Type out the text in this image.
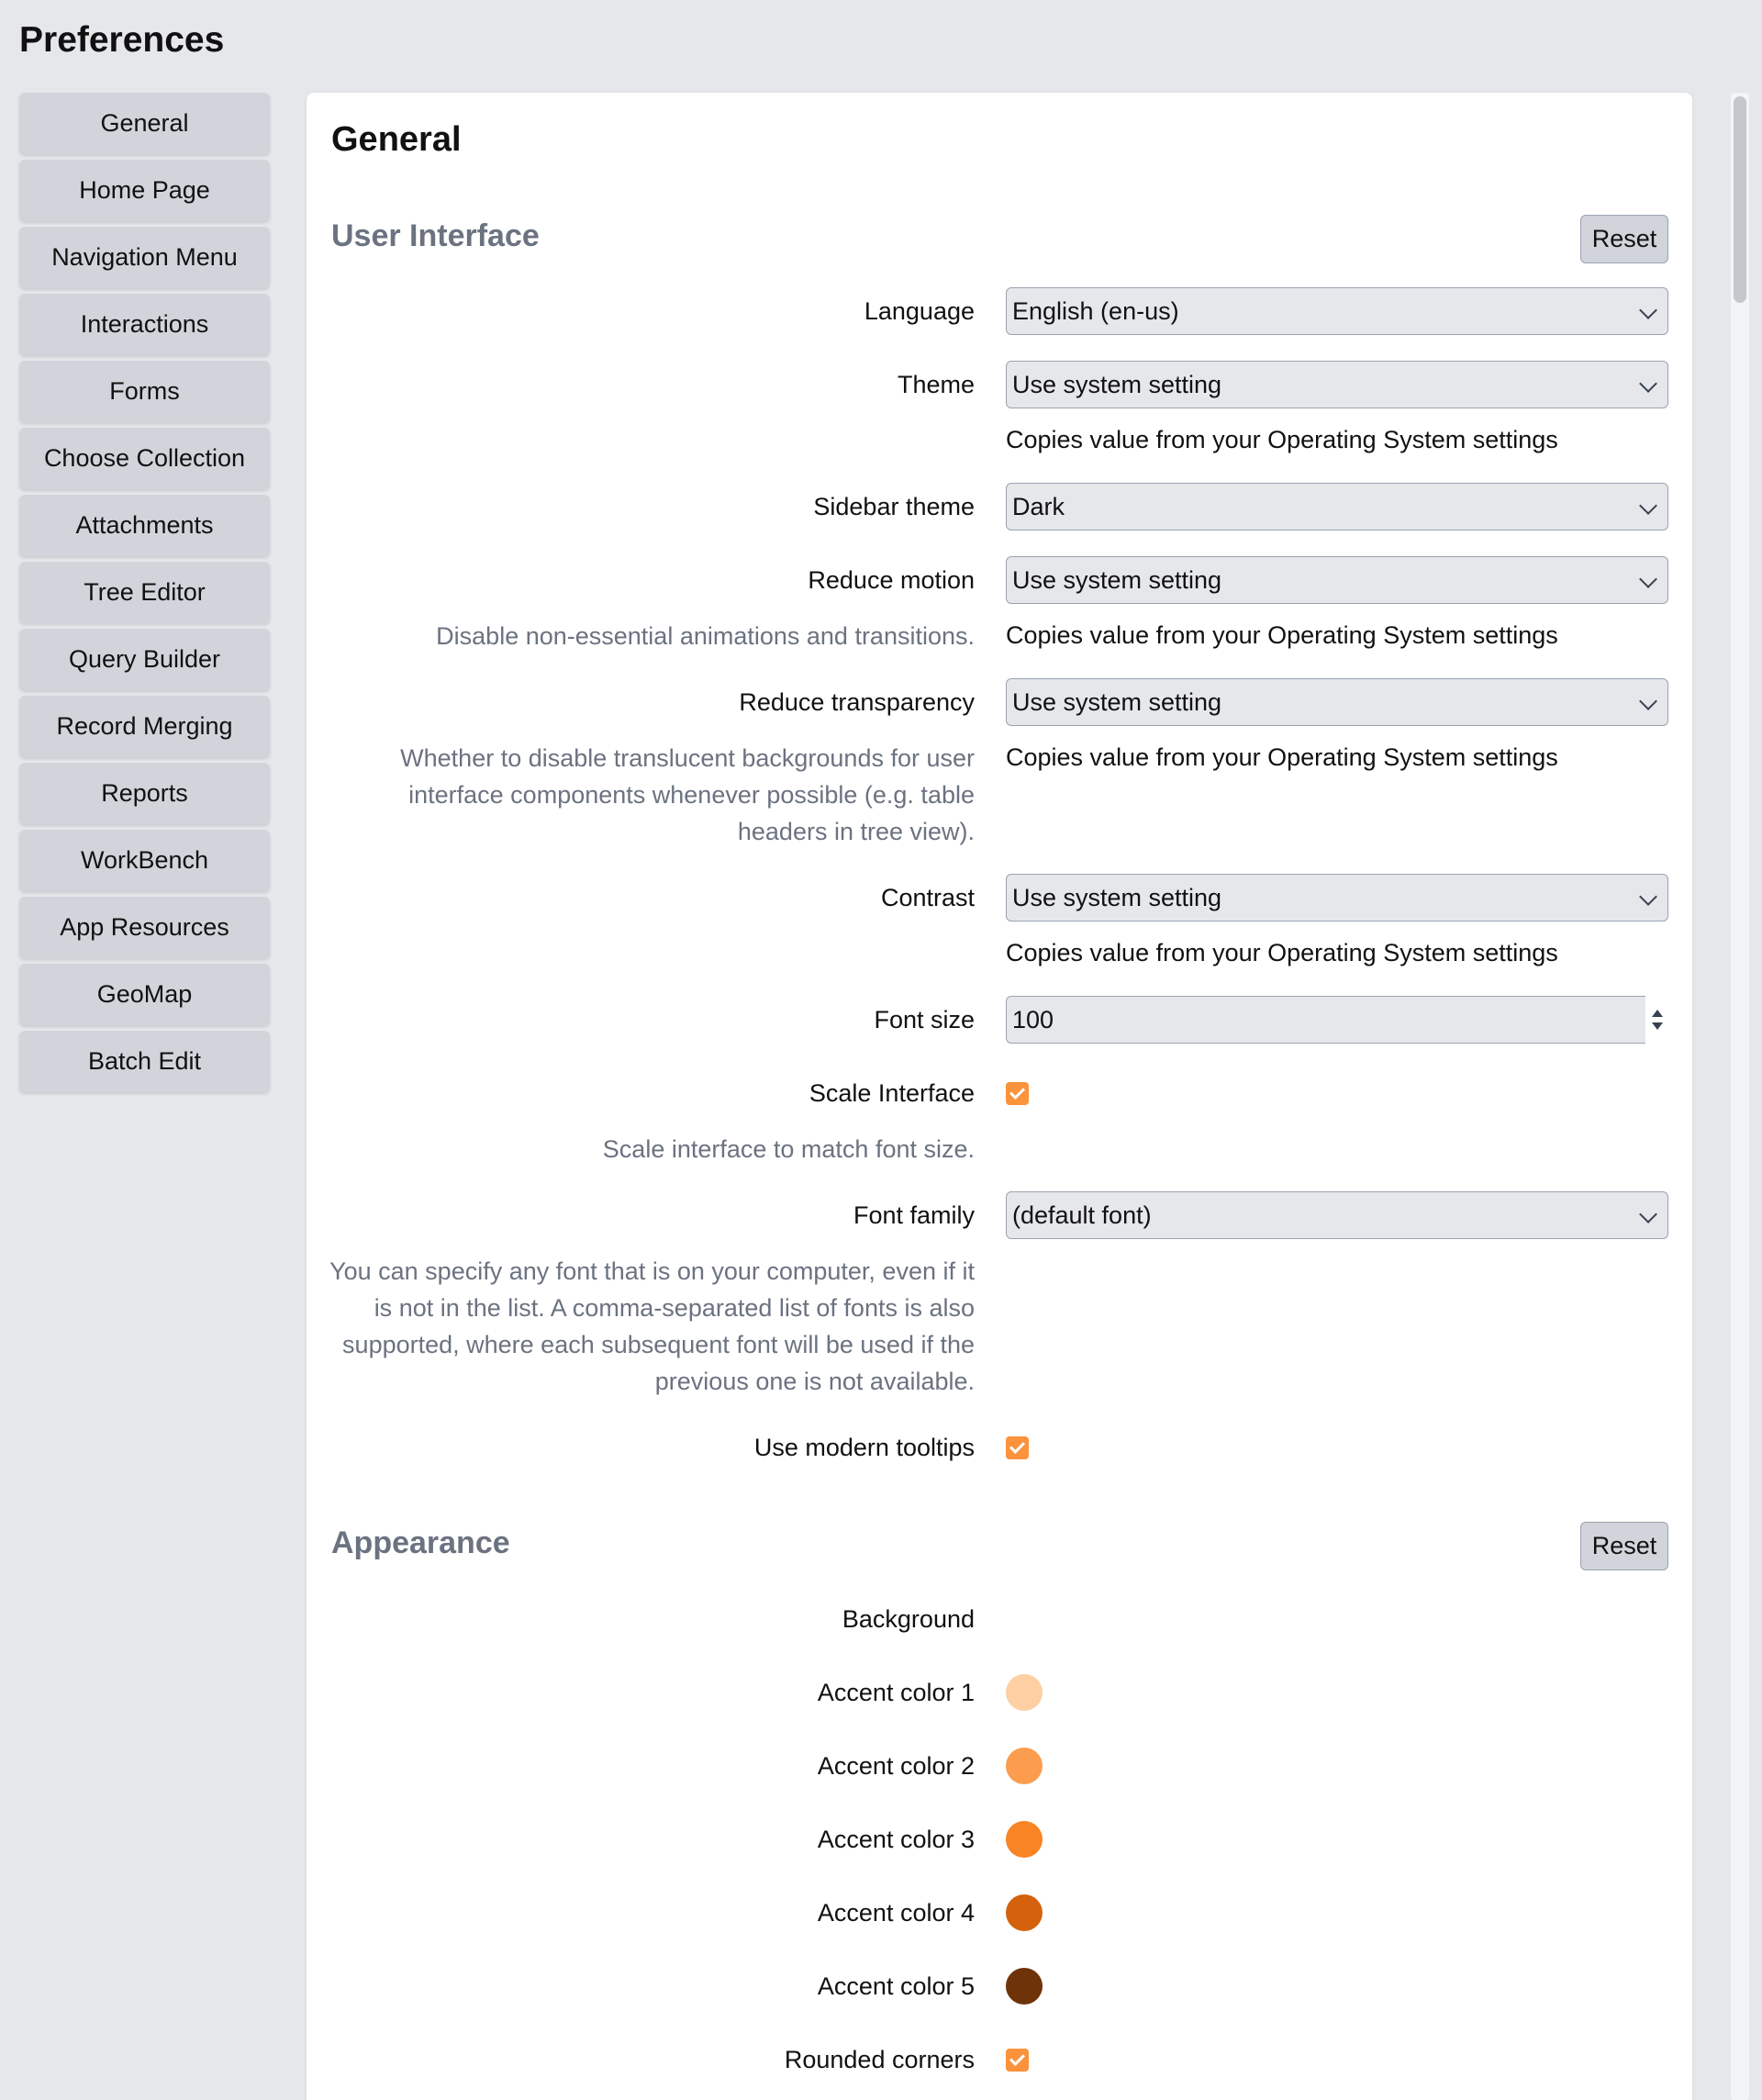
Preferences
General
Home Page
Navigation Menu
Interactions
Forms
Choose Collection
Attachments
Tree Editor
Query Builder
Record Merging
Reports
WorkBench
App Resources
GeoMap
Batch Edit
General
User Interface	Reset
Language English (en-us)
Theme Use system setting
Copies value from your Operating System settings
Sidebar theme Dark
Reduce motion Use system setting
Disable non-essential animations and transitions. Copies value from your Operating System settings
Reduce transparency Use system setting
Whether to disable translucent backgrounds for user
interface components whenever possible (e.g. table
headers in tree view).
Copies value from your Operating System settings
Contrast Use system setting
Copies value from your Operating System settings
Font size 100
Scale Interface
Scale interface to match font size.
Font family (default font)
You can specify any font that is on your computer, even if it
is not in the list. A comma-separated list of fonts is also
supported, where each subsequent font will be used if the
previous one is not available.
Use modern tooltips
Appearance	Reset
Background
Accent color 1
Accent color 2
Accent color 3
Accent color 4
Accent color 5
Rounded corners
